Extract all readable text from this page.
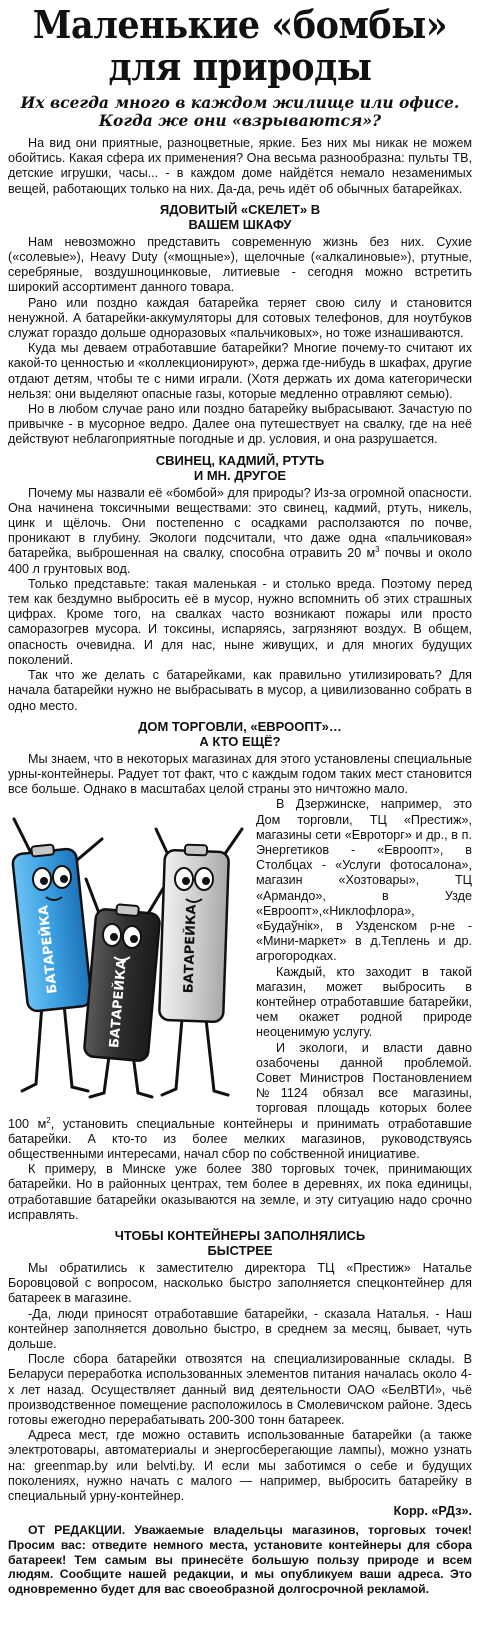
Маленькие «бомбы»
для природы
Их всегда много в каждом жилище или офисе.
Когда же они «взрываются»?

На вид они приятные, разноцветные, яркие. Без них мы никак не можем обойтись. Какая сфера их применения? Она весьма разнообразна: пульты ТВ, детские игрушки, часы... - в каждом доме найдётся немало незаменимых вещей, работающих только на них. Да-да, речь идёт об обычных батарейках.

ЯДОВИТЫЙ «СКЕЛЕТ» В
ВАШЕМ ШКАФУ

Нам невозможно представить современную жизнь без них. Сухие («солевые»), Heavy Duty («мощные»), щелочные («алкалиновые»), ртутные, серебряные, воздушноцинковые, литиевые - сегодня можно встретить широкий ассортимент данного товара.

Рано или поздно каждая батарейка теряет свою силу и становится ненужной. А батарейки-аккумуляторы для сотовых телефонов, для ноутбуков служат гораздо дольше одноразовых «пальчиковых», но тоже изнашиваются.

Куда мы деваем отработавшие батарейки? Многие почему-то считают их какой-то ценностью и «коллекционируют», держа где-нибудь в шкафах, другие отдают детям, чтобы те с ними играли. (Хотя держать их дома категорически нельзя: они выделяют опасные газы, которые медленно отравляют семью).

Но в любом случае рано или поздно батарейку выбрасывают. Зачастую по привычке - в мусорное ведро. Далее она путешествует на свалку, где на неё действуют неблагоприятные погодные и др. условия, и она разрушается.

СВИНЕЦ, КАДМИЙ, РТУТЬ
И МН. ДРУГОЕ

Почему мы назвали её «бомбой» для природы? Из-за огромной опасности. Она начинена токсичными веществами: это свинец, кадмий, ртуть, никель, цинк и щёлочь. Они постепенно с осадками расползаются по почве, проникают в глубину. Экологи подсчитали, что даже одна «пальчиковая» батарейка, выброшенная на свалку, способна отравить 20 $м^3$ почвы и около 400 л грунтовых вод.

Только представьте: такая маленькая - и столько вреда. Поэтому перед тем как бездумно выбросить её в мусор, нужно вспомнить об этих страшных цифрах. Кроме того, на свалках часто возникают пожары или просто саморазогрев мусора. И токсины, испаряясь, загрязняют воздух. В общем, опасность очевидна. И для нас, ныне живущих, и для многих будущих поколений.

Так что же делать с батарейками, как правильно утилизировать? Для начала батарейки нужно не выбрасывать в мусор, а цивилизованно собрать в одно место.

ДОМ ТОРГОВЛИ, «ЕВРООПТ»…
А КТО ЕЩЁ?

Мы знаем, что в некоторых магазинах для этого установлены специальные урны-контейнеры. Радует тот факт, что с каждым годом таких мест становится все больше. Однако в масштабах целой страны это ничтожно мало.

БАТАРЕЙКА
БАТАРЕЙКА
БАТАРЕЙКА

В Дзержинске, например, это Дом торговли, ТЦ «Престиж», магазины сети «Евроторг» и др., в п. Энергетиков - «Евроопт», в Столбцах - «Услуги фотосалона», магазин «Хозтовары», ТЦ «Армандо», в Узде «Евроопт»,«Никлофлора», «Будаўнік», в Узденском р-не - «Мини-маркет» в д.Теплень и др. агрогородках.

Каждый, кто заходит в такой магазин, может выбросить в контейнер отработавшие батарейки, чем окажет родной природе неоценимую услугу.

И экологи, и власти давно озабочены данной проблемой. Совет Министров Постановлением №1124 обязал все магазины, торговая площадь которых более 100 $м^2$, установить специальные контейнеры и принимать отработавшие батарейки. А кто-то из более мелких магазинов, руководствуясь общественными интересами, начал сбор по собственной инициативе.

К примеру, в Минске уже более 380 торговых точек, принимающих батарейки. Но в районных центрах, тем более в деревнях, их пока единицы, отработавшие батарейки оказываются на земле, и эту ситуацию надо срочно исправлять.

ЧТОБЫ КОНТЕЙНЕРЫ ЗАПОЛНЯЛИСЬ
БЫСТРЕЕ

Мы обратились к заместителю директора ТЦ «Престиж» Наталье Боровцовой с вопросом, насколько быстро заполняется спецконтейнер для батареек в магазине.

-Да, люди приносят отработавшие батарейки, - сказала Наталья. - Наш контейнер заполняется довольно быстро, в среднем за месяц, бывает, чуть дольше.

После сбора батарейки отвозятся на специализированные склады. В Беларуси переработка использованных элементов питания началась около 4-х лет назад. Осуществляет данный вид деятельности ОАО «БелВТИ», чьё производственное помещение расположилось в Смолевичском районе. Здесь готовы ежегодно перерабатывать 200-300 тонн батареек.

Адреса мест, где можно оставить использованные батарейки (а также электротовары, автоматериалы и энергосберегающие лампы), можно узнать на: greenmap.by или belvti.by. И если мы заботимся о себе и будущих поколениях, нужно начать с малого — например, выбросить батарейку в специальный урну-контейнер.

Корр. «РДз».

ОТ РЕДАКЦИИ. Уважаемые владельцы магазинов, торговых точек! Просим вас: отведите немного места, установите контейнеры для сбора батареек! Тем самым вы принесёте большую пользу природе и всем людям. Сообщите нашей редакции, и мы опубликуем ваши адреса. Это одновременно будет для вас своеобразной долгосрочной рекламой.
